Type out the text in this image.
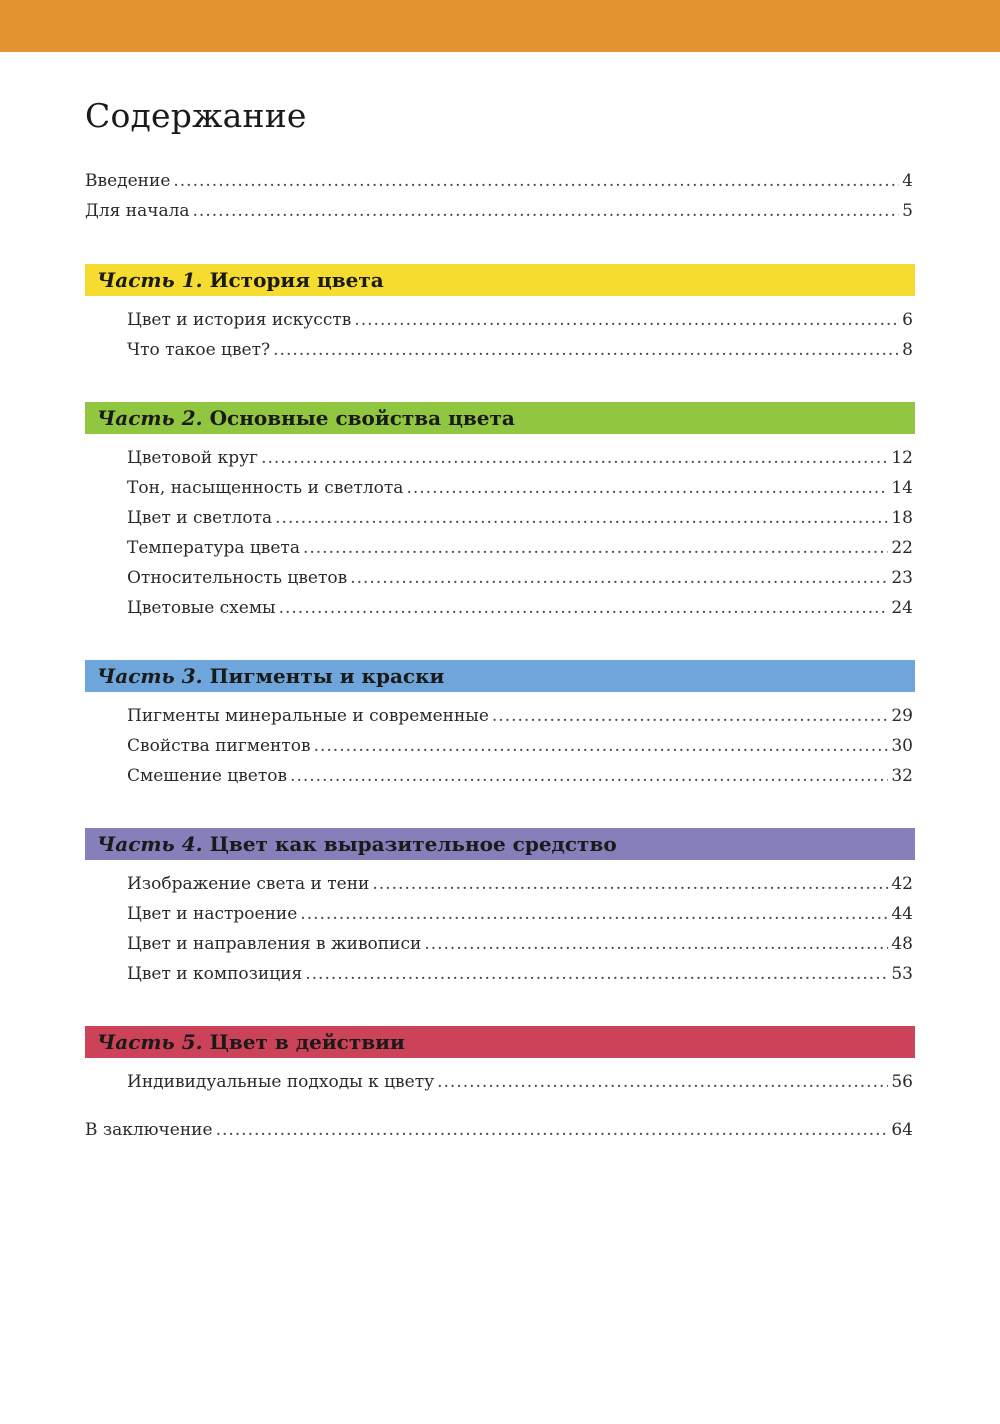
Содержание
Введение .....	4
Для начала .....	5
Часть 1. История цвета
Цвет и история искусств .....	6
Что такое цвет? .....	8
Часть 2. Основные свойства цвета
Цветовой круг .....	12
Тон, насыщенность и светлота .....	14
Цвет и светлота .....	18
Температура цвета .....	22
Относительность цветов .....	23
Цветовые схемы .....	24
Часть 3. Пигменты и краски
Пигменты минеральные и современные .....	29
Свойства пигментов .....	30
Смешение цветов .....	32
Часть 4. Цвет как выразительное средство
Изображение света и тени .....	42
Цвет и настроение .....	44
Цвет и направления в живописи .....	48
Цвет и композиция .....	53
Часть 5. Цвет в действии
Индивидуальные подходы к цвету .....	56
В заключение .....	64
